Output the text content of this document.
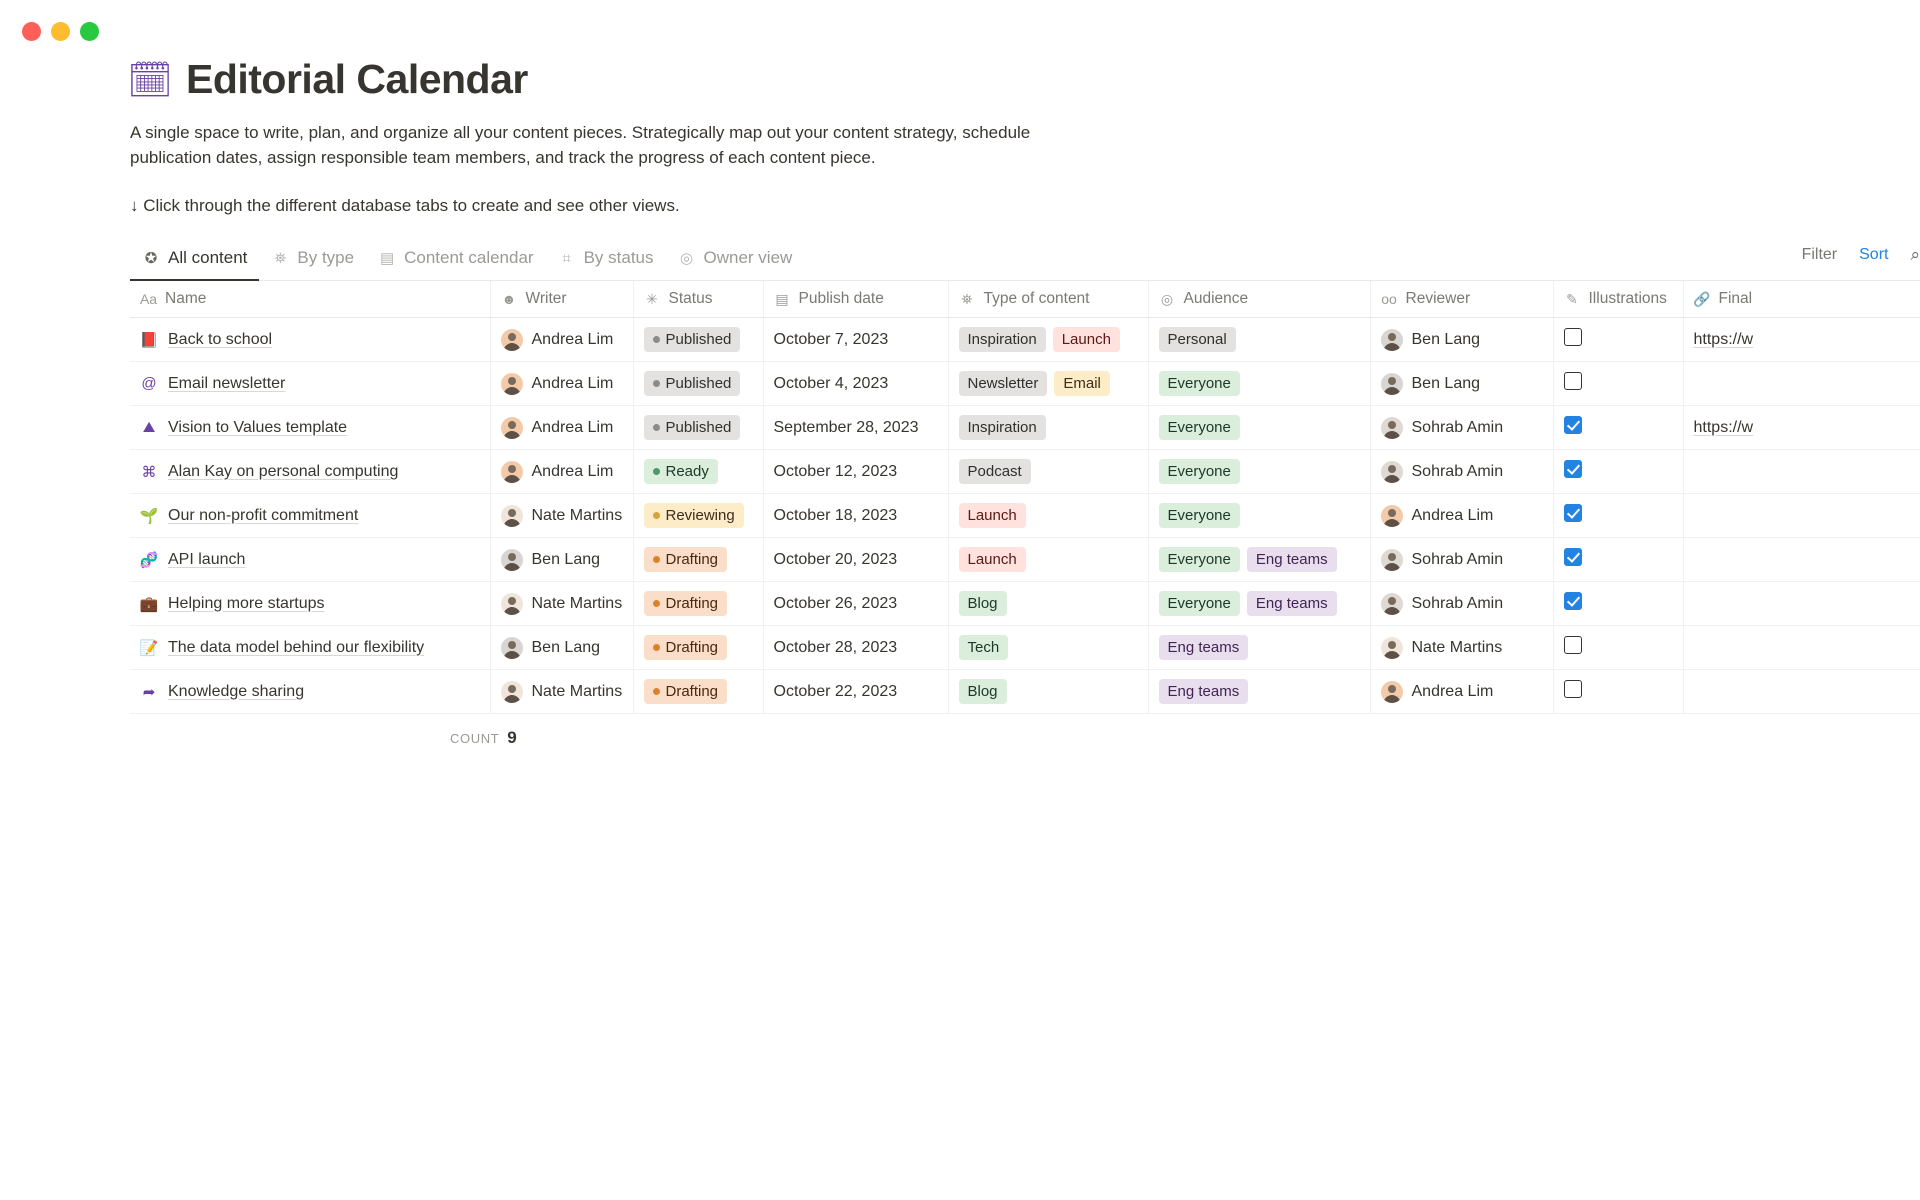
🗓 Editorial Calendar
A single space to write, plan, and organize all your content pieces. Strategically map out your content strategy, schedule publication dates, assign responsible team members, and track the progress of each content piece.
↓ Click through the different database tabs to create and see other views.
✪ All content ⛯ By type ▤ Content calendar	⌗ By status ◎ Owner view	Filter Sort ⌕
Aa Name	☻ Writer	✳ Status	▤ Publish date	⛯ Type of content	◎ Audience	oo Reviewer	✎ Illustrations	🔗 Final

📕 Back to school	Andrea Lim	Published	October 7, 2023	Inspiration Launch	Personal	Ben Lang		https://w

@ Email newsletter	Andrea Lim	Published	October 4, 2023	Newsletter Email	Everyone	Ben Lang		

⛰ Vision to Values template	Andrea Lim	Published	September 28, 2023	Inspiration	Everyone	Sohrab Amin		https://w

⌘ Alan Kay on personal computing	Andrea Lim	Ready	October 12, 2023	Podcast	Everyone	Sohrab Amin		

🌱 Our non-profit commitment	Nate Martins	Reviewing	October 18, 2023	Launch	Everyone	Andrea Lim		

🧬 API launch	Ben Lang	Drafting	October 20, 2023	Launch	Everyone Eng teams	Sohrab Amin		

💼 Helping more startups	Nate Martins	Drafting	October 26, 2023	Blog	Everyone Eng teams	Sohrab Amin		

📝 The data model behind our flexibility	Ben Lang	Drafting	October 28, 2023	Tech	Eng teams	Nate Martins		

➦ Knowledge sharing	Nate Martins	Drafting	October 22, 2023	Blog	Eng teams	Andrea Lim		

COUNT 9
